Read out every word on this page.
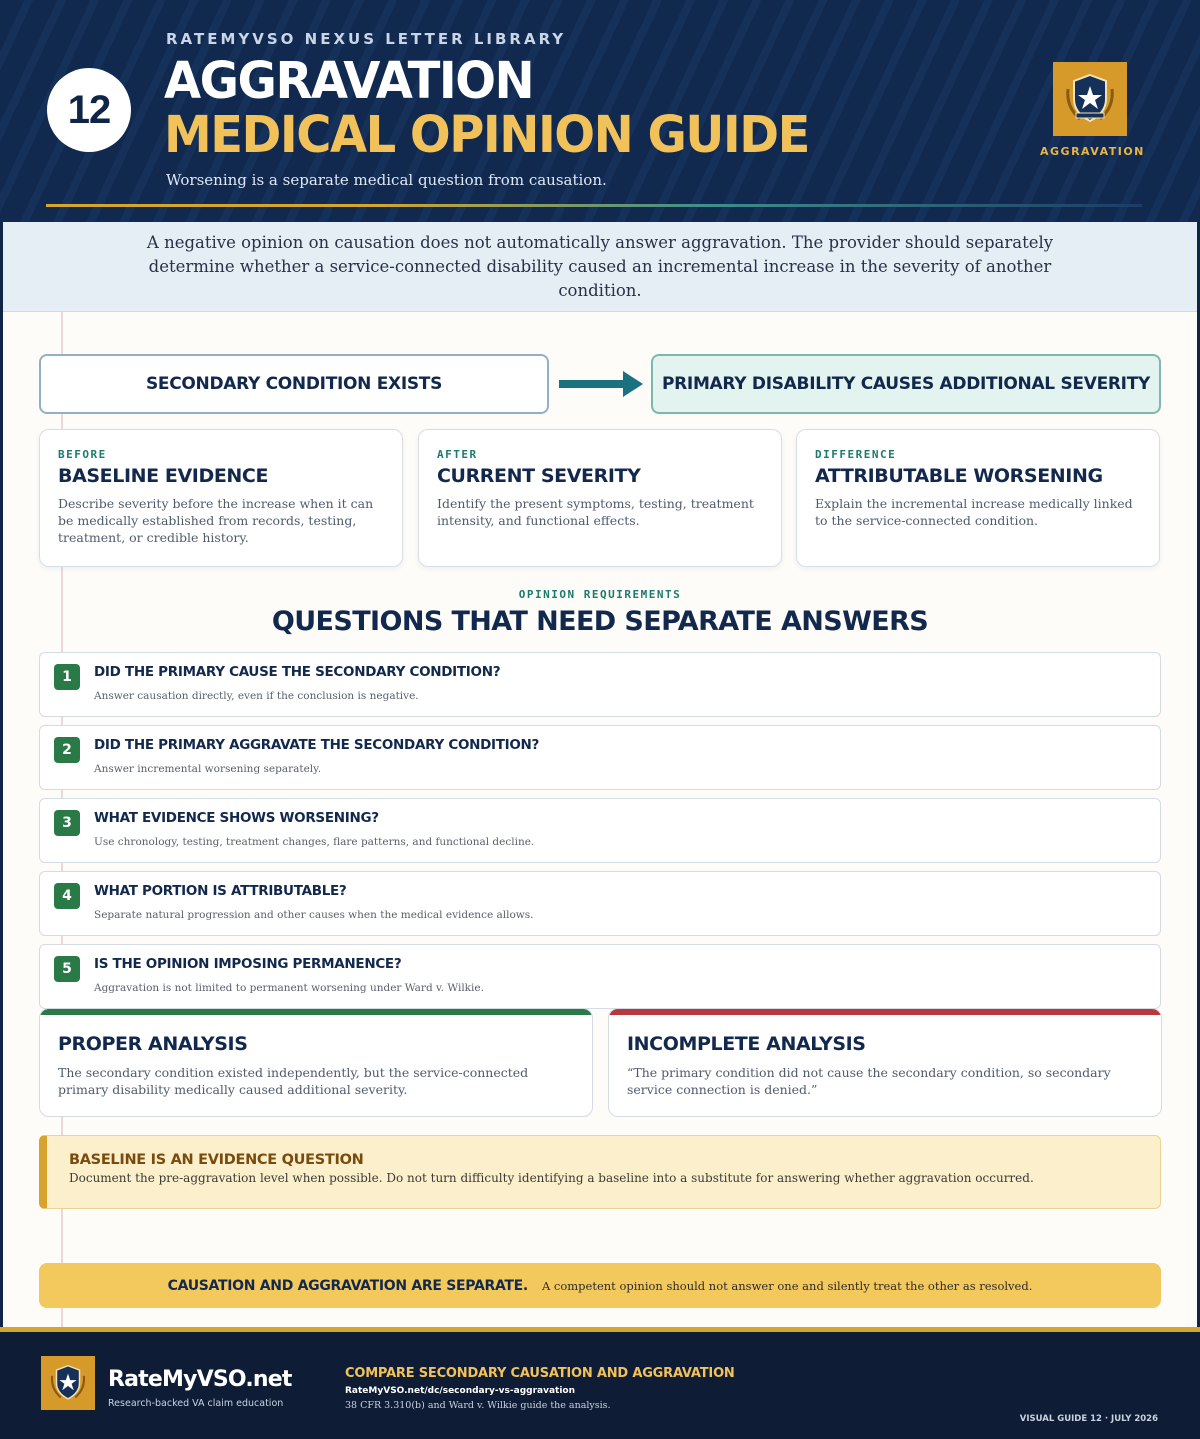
12
RATEMYVSO NEXUS LETTER LIBRARY
AGGRAVATION
MEDICAL OPINION GUIDE
Worsening is a separate medical question from causation.
AGGRAVATION
A negative opinion on causation does not automatically answer aggravation. The provider should separately determine whether a service-connected disability caused an incremental increase in the severity of another condition.
SECONDARY CONDITION EXISTS	PRIMARY DISABILITY CAUSES ADDITIONAL SEVERITY
BEFORE
BASELINE EVIDENCE
Describe severity before the increase when it can be medically established from records, testing, treatment, or credible history.
AFTER
CURRENT SEVERITY
Identify the present symptoms, testing, treatment intensity, and functional effects.
DIFFERENCE
ATTRIBUTABLE WORSENING
Explain the incremental increase medically linked to the service-connected condition.
OPINION REQUIREMENTS
QUESTIONS THAT NEED SEPARATE ANSWERS
1	DID THE PRIMARY CAUSE THE SECONDARY CONDITION?
Answer causation directly, even if the conclusion is negative.
2	DID THE PRIMARY AGGRAVATE THE SECONDARY CONDITION?
Answer incremental worsening separately.
3	WHAT EVIDENCE SHOWS WORSENING?
Use chronology, testing, treatment changes, flare patterns, and functional decline.
4	WHAT PORTION IS ATTRIBUTABLE?
Separate natural progression and other causes when the medical evidence allows.
5	IS THE OPINION IMPOSING PERMANENCE?
Aggravation is not limited to permanent worsening under Ward v. Wilkie.
PROPER ANALYSIS
The secondary condition existed independently, but the service-connected primary disability medically caused additional severity.
INCOMPLETE ANALYSIS
“The primary condition did not cause the secondary condition, so secondary service connection is denied.”
BASELINE IS AN EVIDENCE QUESTION
Document the pre-aggravation level when possible. Do not turn difficulty identifying a baseline into a substitute for answering whether aggravation occurred.
CAUSATION AND AGGRAVATION ARE SEPARATE. A competent opinion should not answer one and silently treat the other as resolved.
RateMyVSO.net
Research-backed VA claim education
COMPARE SECONDARY CAUSATION AND AGGRAVATION
RateMyVSO.net/dc/secondary-vs-aggravation
38 CFR 3.310(b) and Ward v. Wilkie guide the analysis.
VISUAL GUIDE 12 · JULY 2026
